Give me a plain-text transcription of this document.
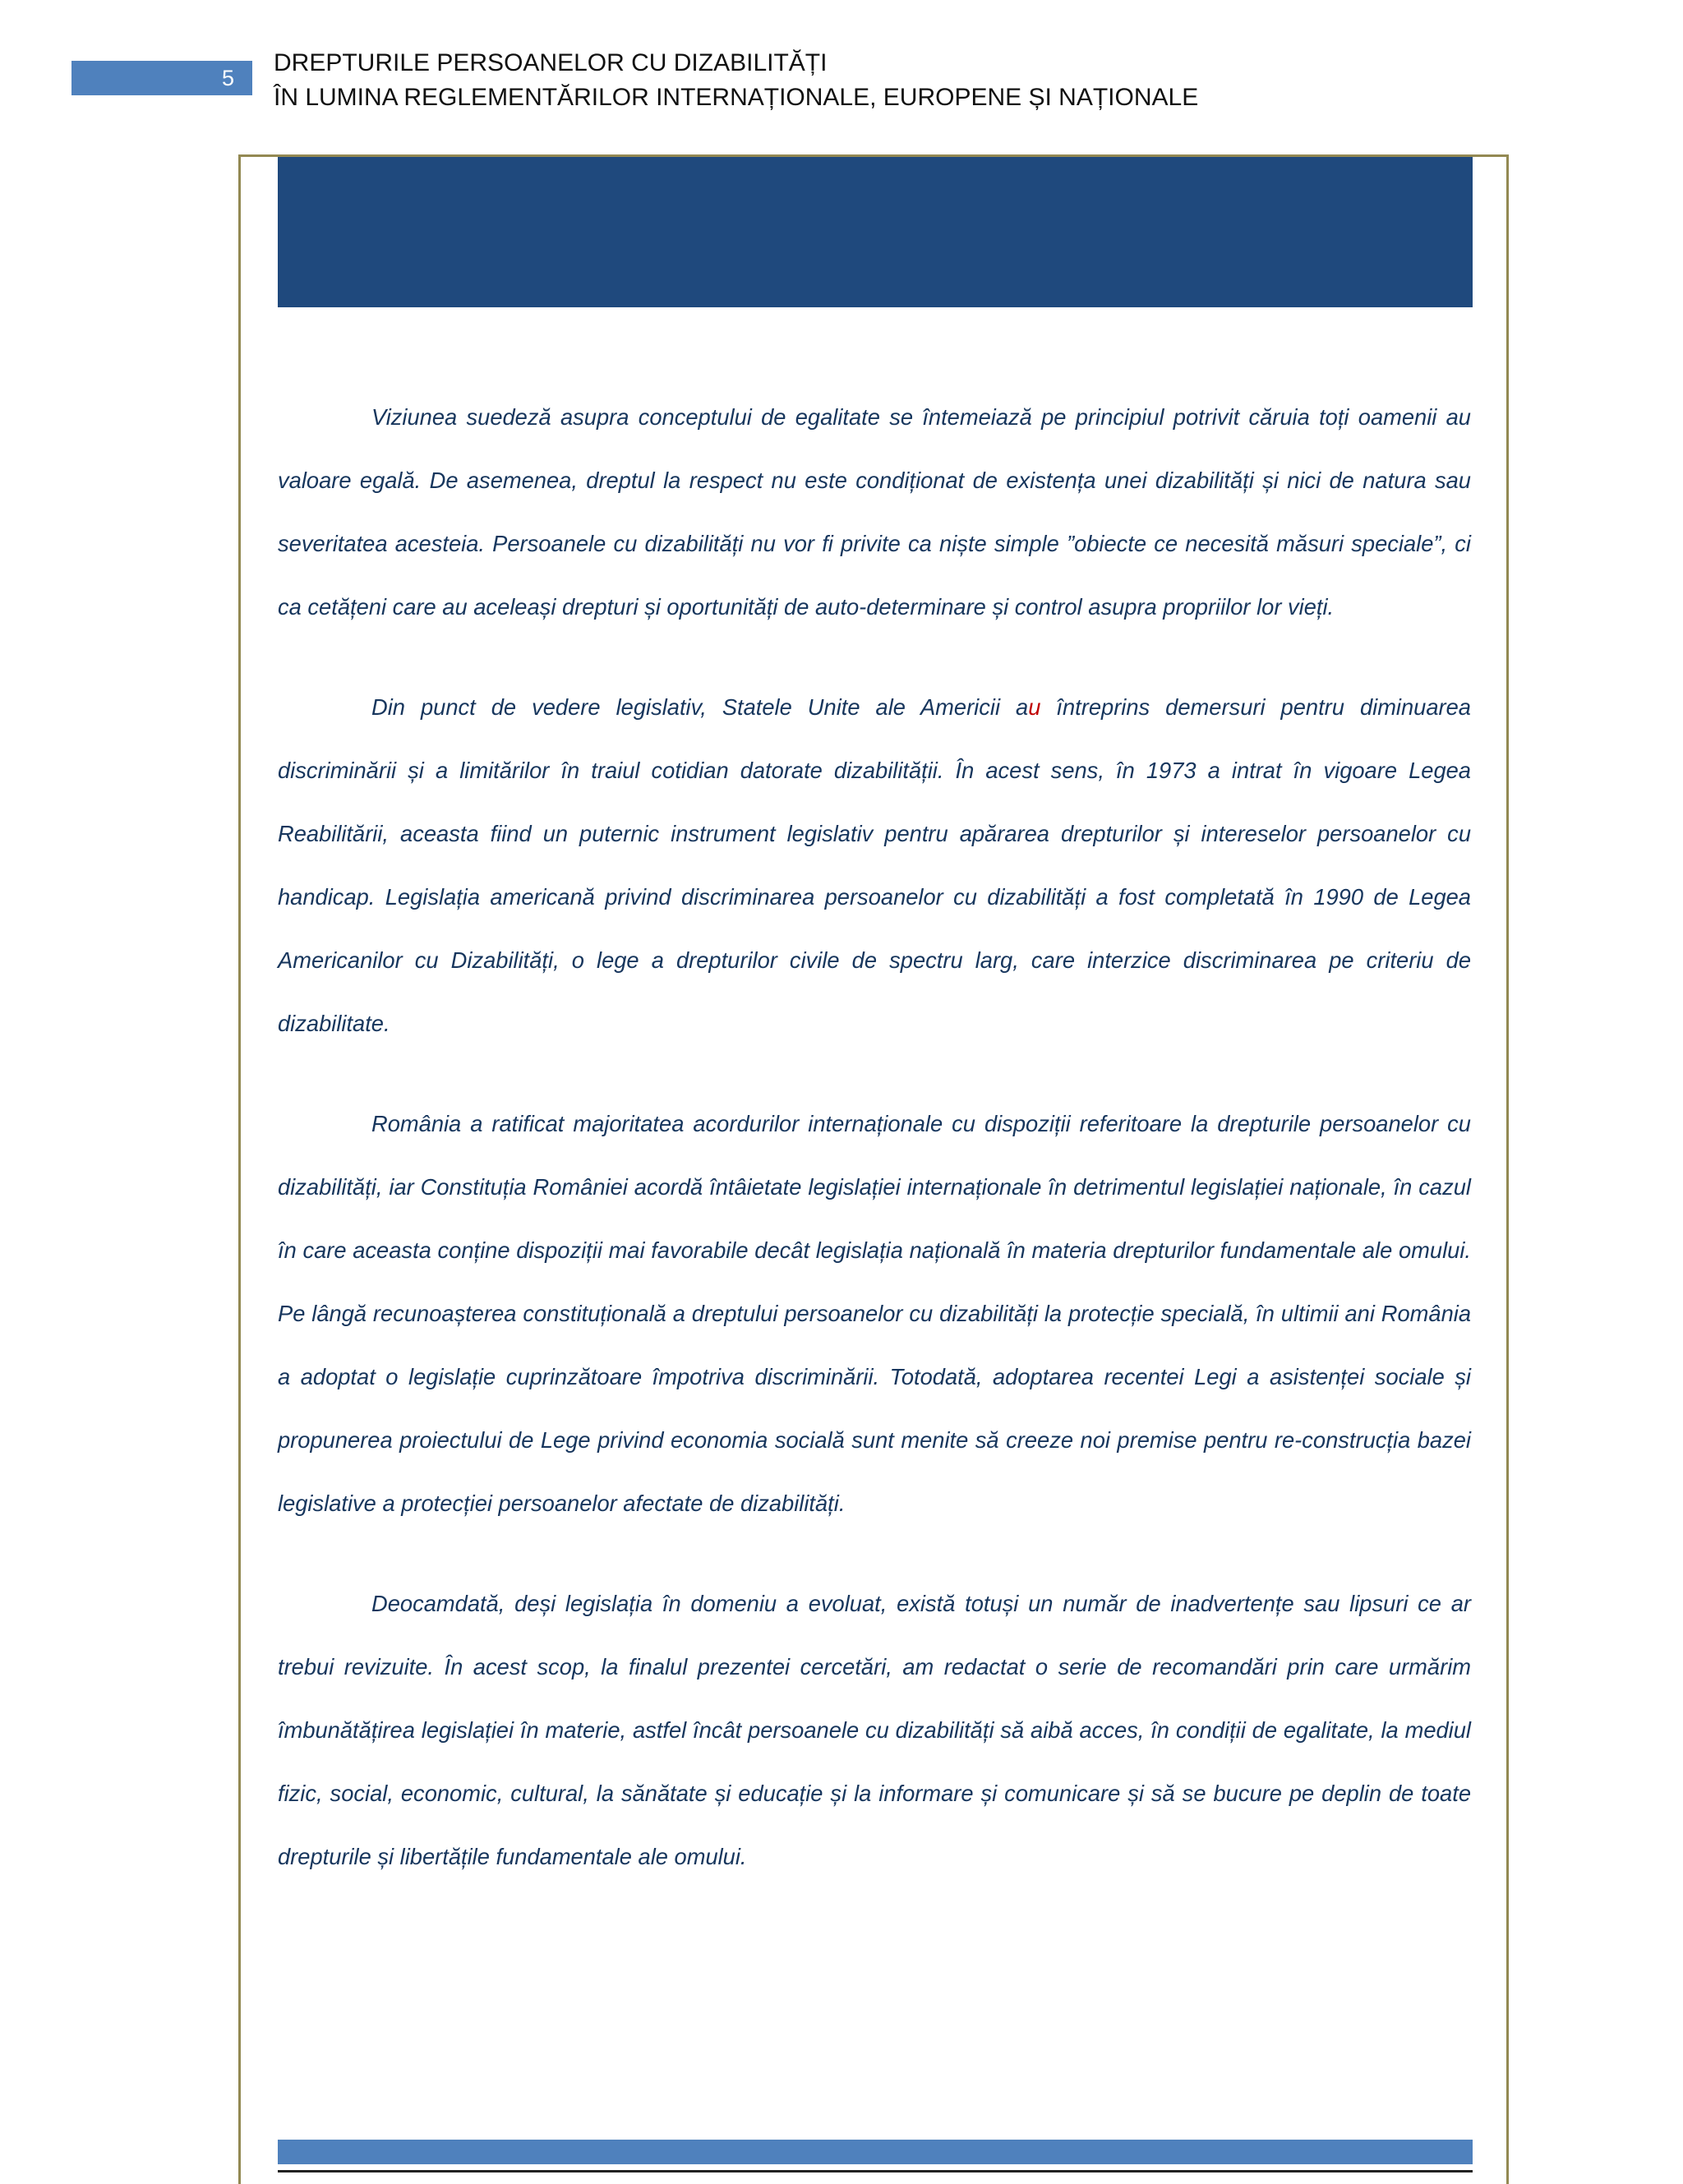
5
DREPTURILE PERSOANELOR CU DIZABILITĂȚI
ÎN LUMINA REGLEMENTĂRILOR INTERNAȚIONALE, EUROPENE ȘI NAȚIONALE

Viziunea suedeză asupra conceptului de egalitate se întemeiază pe principiul potrivit căruia toți oamenii au valoare egală. De asemenea, dreptul la respect nu este condiționat de existența unei dizabilități și nici de natura sau severitatea acesteia. Persoanele cu dizabilități nu vor fi privite ca niște simple ”obiecte ce necesită măsuri speciale”, ci ca cetățeni care au aceleași drepturi și oportunități de auto-determinare și control asupra propriilor lor vieți.

Din punct de vedere legislativ, Statele Unite ale Americii au întreprins demersuri pentru diminuarea discriminării și a limitărilor în traiul cotidian datorate dizabilității. În acest sens, în 1973 a intrat în vigoare Legea Reabilitării, aceasta fiind un puternic instrument legislativ pentru apărarea drepturilor și intereselor persoanelor cu handicap. Legislația americană privind discriminarea persoanelor cu dizabilități a fost completată în 1990 de Legea Americanilor cu Dizabilități, o lege a drepturilor civile de spectru larg, care interzice discriminarea pe criteriu de dizabilitate.

România a ratificat majoritatea acordurilor internaționale cu dispoziții referitoare la drepturile persoanelor cu dizabilități, iar Constituția României acordă întâietate legislației internaționale în detrimentul legislației naționale, în cazul în care aceasta conține dispoziții mai favorabile decât legislația națională în materia drepturilor fundamentale ale omului. Pe lângă recunoașterea constituțională a dreptului persoanelor cu dizabilități la protecție specială, în ultimii ani România a adoptat o legislație cuprinzătoare împotriva discriminării. Totodată, adoptarea recentei Legi a asistenței sociale și propunerea proiectului de Lege privind economia socială sunt menite să creeze noi premise pentru re-construcția bazei legislative a protecției persoanelor afectate de dizabilități.

Deocamdată, deși legislația în domeniu a evoluat, există totuși un număr de inadvertențe sau lipsuri ce ar trebui revizuite. În acest scop, la finalul prezentei cercetări, am redactat o serie de recomandări prin care urmărim îmbunătățirea legislației în materie, astfel încât persoanele cu dizabilități să aibă acces, în condiții de egalitate, la mediul fizic, social, economic, cultural, la sănătate și educație și la informare și comunicare și să se bucure pe deplin de toate drepturile și libertățile fundamentale ale omului.
